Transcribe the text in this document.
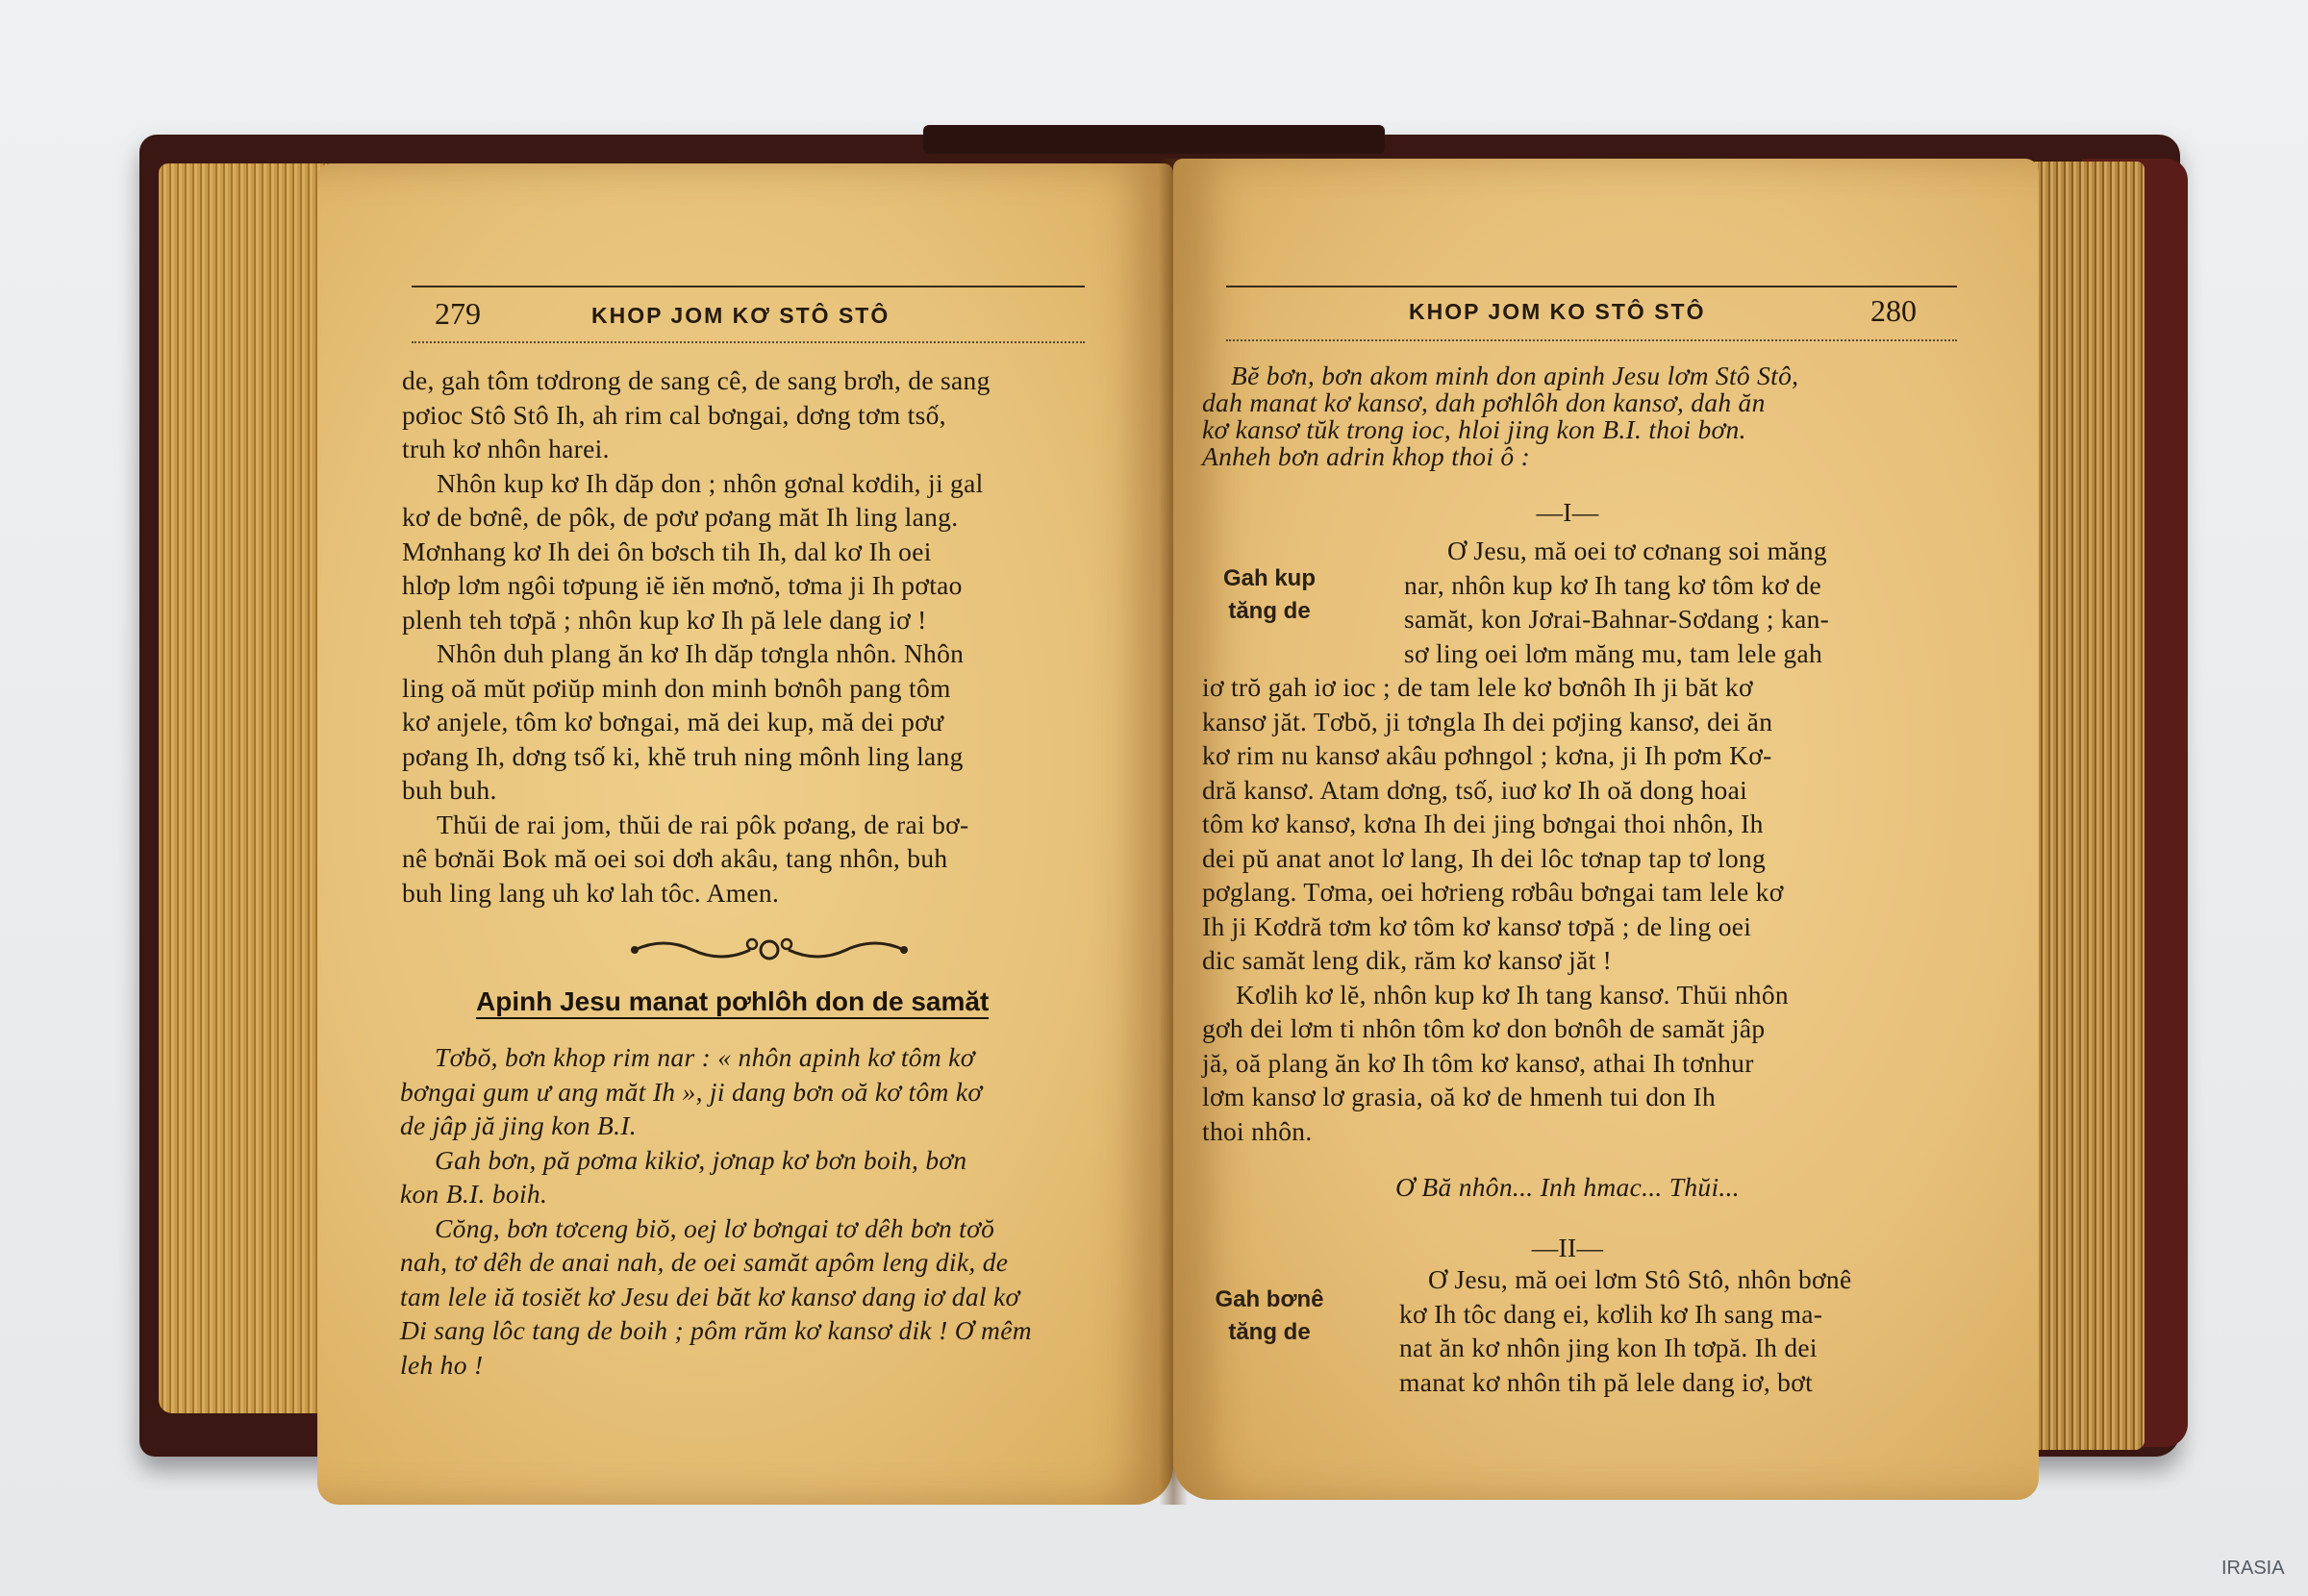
279	KHOP JOM KƠ STÔ STÔ
de, gah tôm tơdrong de sang cê, de sang brơh, de sang
pơioc Stô Stô Ih, ah rim cal bơngai, dơng tơm tsố,
truh kơ nhôn harei.
Nhôn kup kơ Ih dăp don ; nhôn gơnal kơdih, ji gal
kơ de bơnê, de pôk, de pơư pơang măt Ih ling lang.
Mơnhang kơ Ih dei ôn bơsch tih Ih, dal kơ Ih oei
hlơp lơm ngôi tơpung iĕ iĕn mơnŏ, tơma ji Ih pơtao
plenh teh tơpă ; nhôn kup kơ Ih pă lele dang iơ !
Nhôn duh plang ăn kơ Ih dăp tơngla nhôn. Nhôn
ling oă mŭt pơiŭp minh don minh bơnôh pang tôm
kơ anjele, tôm kơ bơngai, mă dei kup, mă dei pơư
pơang Ih, dơng tsố ki, khĕ truh ning mônh ling lang
buh buh.
Thŭi de rai jom, thŭi de rai pôk pơang, de rai bơ-
nê bơnăi Bok mă oei soi dơh akâu, tang nhôn, buh
buh ling lang uh kơ lah tôc. Amen.
Apinh Jesu manat pơhlôh don de samăt
Tơbŏ, bơn khop rim nar : « nhôn apinh kơ tôm kơ
bơngai gum ư ang măt Ih », ji dang bơn oă kơ tôm kơ
de jâp jă jing kon B.I.
Gah bơn, pă pơma kikiơ, jơnap kơ bơn boih, bơn
kon B.I. boih.
Cŏng, bơn tơceng biŏ, oej lơ bơngai tơ dêh bơn tơŏ
nah, tơ dêh de anai nah, de oei samăt apôm leng dik, de
tam lele iă tosiĕt kơ Jesu dei băt kơ kansơ dang iơ dal kơ
Di sang lôc tang de boih ; pôm răm kơ kansơ dik ! Ơ mêm
leh ho !
KHOP JOM KO STÔ STÔ	280
Bĕ bơn, bơn akom minh don apinh Jesu lơm Stô Stô,
dah manat kơ kansơ, dah pơhlôh don kansơ, dah ăn
kơ kansơ tŭk trong ioc, hloi jing kon B.I. thoi bơn.
Anheh bơn adrin khop thoi ô :
—I—
Gah kup
tăng de
Ơ Jesu, mă oei tơ cơnang soi măng
nar, nhôn kup kơ Ih tang kơ tôm kơ de
samăt, kon Jơrai-Bahnar-Sơdang ; kan-
sơ ling oei lơm măng mu, tam lele gah
iơ trŏ gah iơ ioc ; de tam lele kơ bơnôh Ih ji băt kơ
kansơ jăt. Tơbŏ, ji tơngla Ih dei pơjing kansơ, dei ăn
kơ rim nu kansơ akâu pơhngol ; kơna, ji Ih pơm Kơ-
dră kansơ. Atam dơng, tsố, iuơ kơ Ih oă dong hoai
tôm kơ kansơ, kơna Ih dei jing bơngai thoi nhôn, Ih
dei pŭ anat anot lơ lang, Ih dei lôc tơnap tap tơ long
pơglang. Tơma, oei hơrieng rơbâu bơngai tam lele kơ
Ih ji Kơdră tơm kơ tôm kơ kansơ tơpă ; de ling oei
dic samăt leng dik, răm kơ kansơ jăt !
Kơlih kơ lĕ, nhôn kup kơ Ih tang kansơ. Thŭi nhôn
gơh dei lơm ti nhôn tôm kơ don bơnôh de samăt jâp
jă, oă plang ăn kơ Ih tôm kơ kansơ, athai Ih tơnhur
lơm kansơ lơ grasia, oă kơ de hmenh tui don Ih
thoi nhôn.
Ơ Bă nhôn... Inh hmac... Thŭi...
—II—
Gah bơnê
tăng de
Ơ Jesu, mă oei lơm Stô Stô, nhôn bơnê
kơ Ih tôc dang ei, kơlih kơ Ih sang ma-
nat ăn kơ nhôn jing kon Ih tơpă. Ih dei
manat kơ nhôn tih pă lele dang iơ, bơt
IRASIA
